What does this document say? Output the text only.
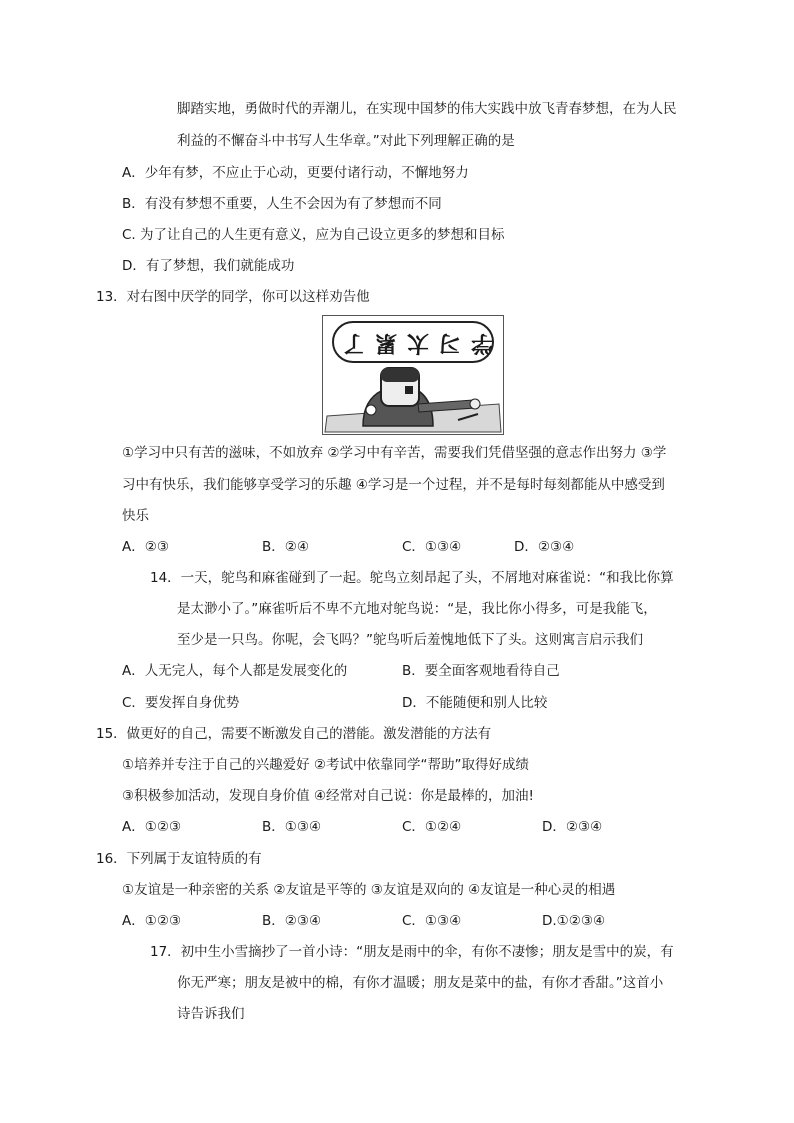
脚踏实地，勇做时代的弄潮儿，在实现中国梦的伟大实践中放飞青春梦想，在为人民
利益的不懈奋斗中书写人生华章。”对此下列理解正确的是
A．少年有梦，不应止于心动，更要付诸行动，不懈地努力
B．有没有梦想不重要，人生不会因为有了梦想而不同
C. 为了让自己的人生更有意义，应为自己设立更多的梦想和目标
D．有了梦想，我们就能成功
13．对右图中厌学的同学，你可以这样劝告他
学习太累了
①学习中只有苦的滋味，不如放弃 ②学习中有辛苦，需要我们凭借坚强的意志作出努力 ③学
习中有快乐，我们能够享受学习的乐趣 ④学习是一个过程，并不是每时每刻都能从中感受到
快乐
A．②③	B．②④	C．①③④	D．②③④
14．一天，鸵鸟和麻雀碰到了一起。鸵鸟立刻昂起了头，不屑地对麻雀说：“和我比你算
是太渺小了。”麻雀听后不卑不亢地对鸵鸟说：“是，我比你小得多，可是我能飞，
至少是一只鸟。你呢，会飞吗？”鸵鸟听后羞愧地低下了头。这则寓言启示我们
A．人无完人，每个人都是发展变化的	B．要全面客观地看待自己
C．要发挥自身优势	D．不能随便和别人比较
15．做更好的自己，需要不断激发自己的潜能。激发潜能的方法有
①培养并专注于自己的兴趣爱好 ②考试中依靠同学“帮助”取得好成绩
③积极参加活动，发现自身价值 ④经常对自己说：你是最棒的，加油!
A．①②③	B．①③④	C．①②④	D．②③④
16．下列属于友谊特质的有
①友谊是一种亲密的关系 ②友谊是平等的 ③友谊是双向的 ④友谊是一种心灵的相遇
A．①②③	B．②③④	C．①③④	D.①②③④
17．初中生小雪摘抄了一首小诗：“朋友是雨中的伞，有你不凄惨；朋友是雪中的炭，有
你无严寒；朋友是被中的棉，有你才温暖；朋友是菜中的盐，有你才香甜。”这首小
诗告诉我们
